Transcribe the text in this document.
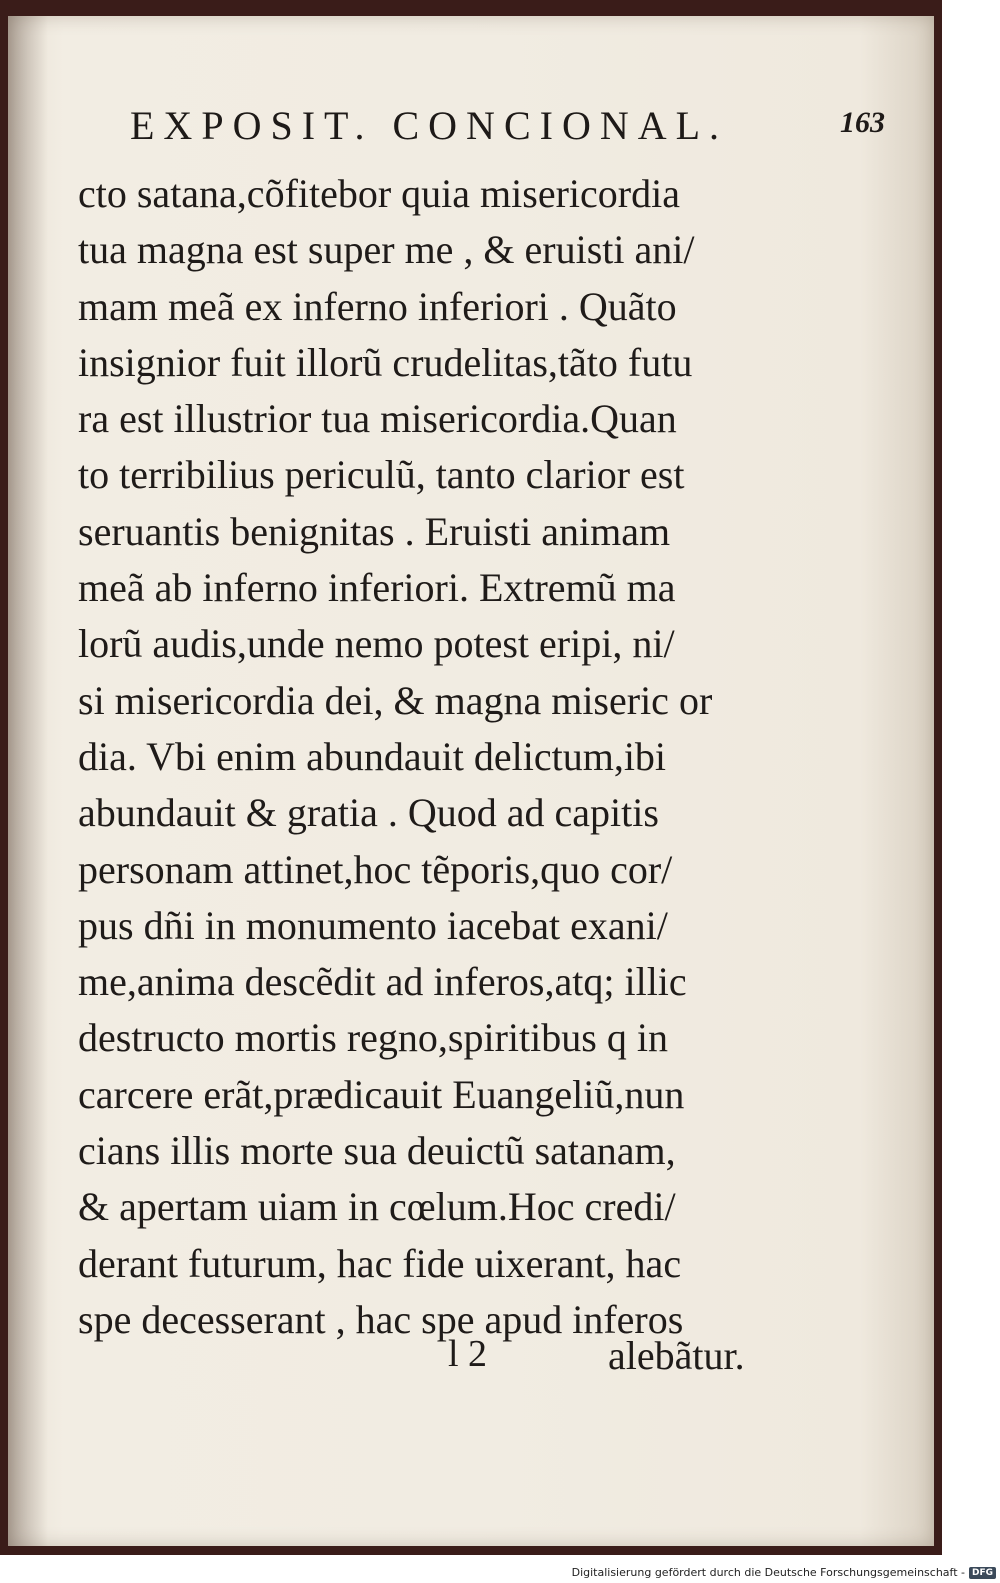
EXPOSIT. CONCIONAL.	163
cto satana,cõfitebor quia misericordia
tua magna est super me , & eruisti ani/
mam meã ex inferno inferiori . Quãto
insignior fuit illorũ crudelitas,tãto futu
ra est illustrior tua misericordia.Quan
to terribilius periculũ, tanto clarior est
seruantis benignitas . Eruisti animam
meã ab inferno inferiori. Extremũ ma
lorũ audis,unde nemo potest eripi, ni/
si misericordia dei, & magna miseric or
dia. Vbi enim abundauit delictum,ibi
abundauit & gratia . Quod ad capitis
personam attinet,hoc tẽporis,quo cor/
pus dñi in monumento iacebat exani/
me,anima descẽdit ad inferos,atq; illic
destructo mortis regno,spiritibus q in
carcere erãt,prædicauit Euangeliũ,nun
cians illis morte sua deuictũ satanam,
& apertam uiam in cœlum.Hoc credi/
derant futurum, hac fide uixerant, hac
spe decesserant , hac spe apud inferos
l 2	alebãtur.
Digitalisierung gefördert durch die Deutsche Forschungsgemeinschaft - DFG
